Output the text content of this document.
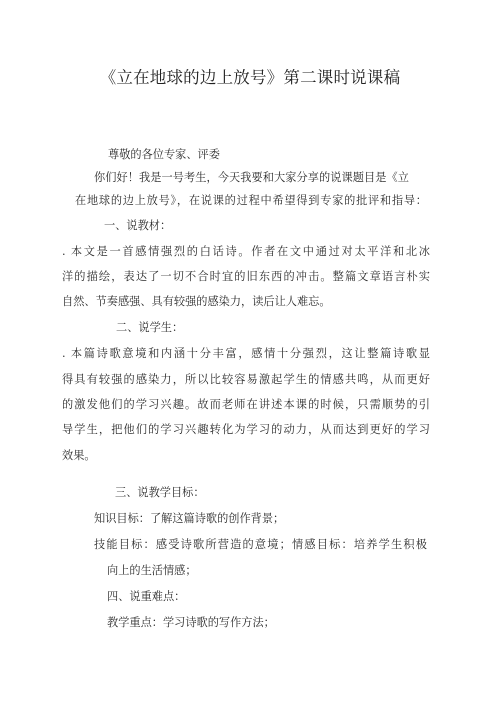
《立在地球的边上放号》第二课时说课稿
尊敬的各位专家、评委
你们好！我是一号考生，今天我要和大家分享的说课题目是《立
在地球的边上放号》，在说课的过程中希望得到专家的批评和指导：
一、说教材：
. 本文是一首感情强烈的白话诗。作者在文中通过对太平洋和北冰
洋的描绘，表达了一切不合时宜的旧东西的冲击。整篇文章语言朴实
自然、节奏感强、具有较强的感染力，读后让人难忘。
二、说学生：
. 本篇诗歌意境和内涵十分丰富，感情十分强烈，这让整篇诗歌显
得具有较强的感染力，所以比较容易激起学生的情感共鸣，从而更好
的激发他们的学习兴趣。故而老师在讲述本课的时候，只需顺势的引
导学生，把他们的学习兴趣转化为学习的动力，从而达到更好的学习
效果。
三、说教学目标：
知识目标：了解这篇诗歌的创作背景；
技能目标：感受诗歌所营造的意境；情感目标：培养学生积极
向上的生活情感；
四、说重难点：
教学重点：学习诗歌的写作方法；
